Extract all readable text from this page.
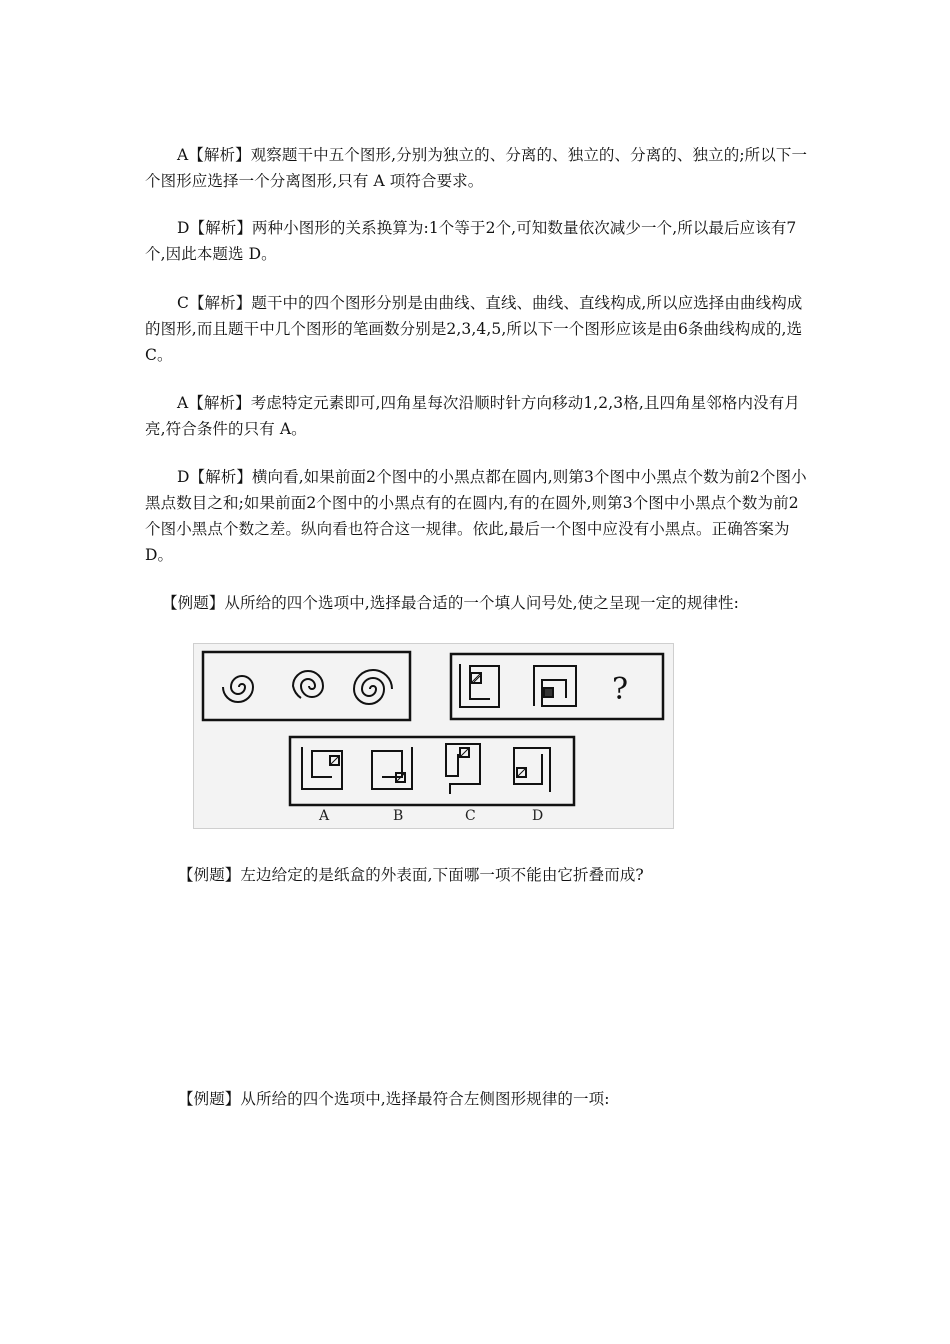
A【解析】观察题干中五个图形,分别为独立的、分离的、独立的、分离的、独立的;所以下一个图形应选择一个分离图形,只有 A 项符合要求。

D【解析】两种小图形的关系换算为:1个等于2个,可知数量依次减少一个,所以最后应该有7个,因此本题选 D。

C【解析】题干中的四个图形分别是由曲线、直线、曲线、直线构成,所以应选择由曲线构成的图形,而且题干中几个图形的笔画数分别是2,3,4,5,所以下一个图形应该是由6条曲线构成的,选 C。

A【解析】考虑特定元素即可,四角星每次沿顺时针方向移动1,2,3格,且四角星邻格内没有月亮,符合条件的只有 A。

D【解析】横向看,如果前面2个图中的小黑点都在圆内,则第3个图中小黑点个数为前2个图小黑点数目之和;如果前面2个图中的小黑点有的在圆内,有的在圆外,则第3个图中小黑点个数为前2个图小黑点个数之差。纵向看也符合这一规律。依此,最后一个图中应没有小黑点。正确答案为 D。

【例题】从所给的四个选项中,选择最合适的一个填人问号处,使之呈现一定的规律性:

?
A	B	C	D

【例题】左边给定的是纸盒的外表面,下面哪一项不能由它折叠而成?

【例题】从所给的四个选项中,选择最符合左侧图形规律的一项:
